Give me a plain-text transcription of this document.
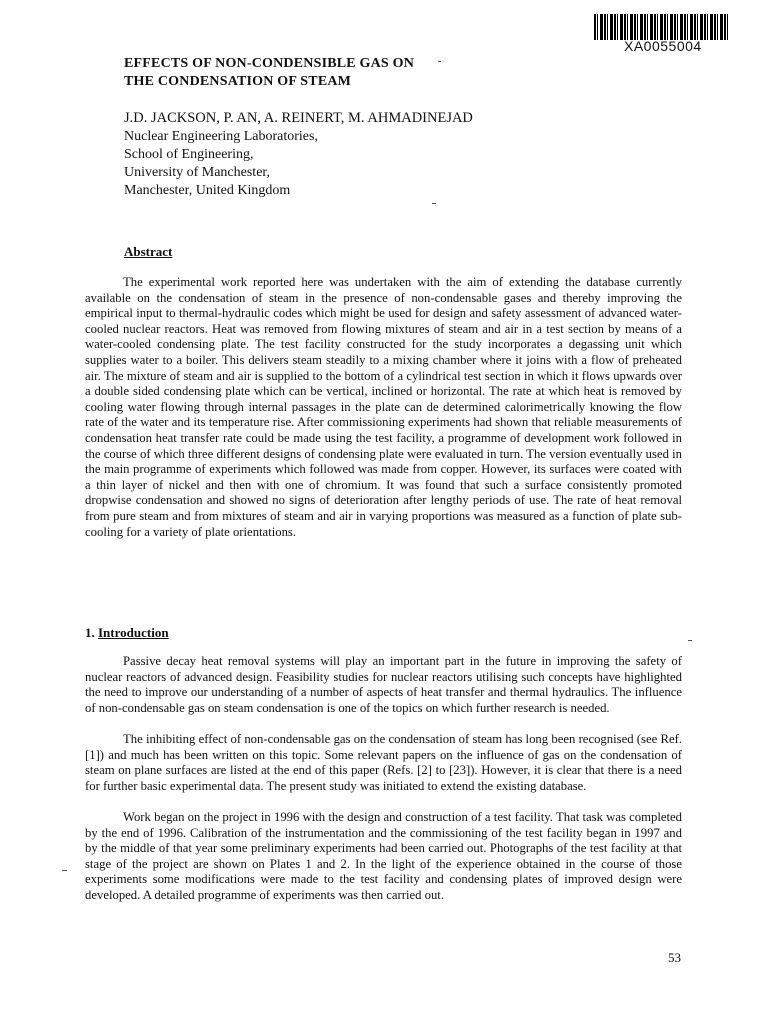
XA0055004
EFFECTS OF NON-CONDENSIBLE GAS ON
THE CONDENSATION OF STEAM
J.D. JACKSON, P. AN, A. REINERT, M. AHMADINEJAD
Nuclear Engineering Laboratories,
School of Engineering,
University of Manchester,
Manchester, United Kingdom
Abstract

The experimental work reported here was undertaken with the aim of extending the database currently available on the condensation of steam in the presence of non-condensable gases and thereby improving the empirical input to thermal-hydraulic codes which might be used for design and safety assessment of advanced water-cooled nuclear reactors. Heat was removed from flowing mixtures of steam and air in a test section by means of a water-cooled condensing plate. The test facility constructed for the study incorporates a degassing unit which supplies water to a boiler. This delivers steam steadily to a mixing chamber where it joins with a flow of preheated air. The mixture of steam and air is supplied to the bottom of a cylindrical test section in which it flows upwards over a double sided condensing plate which can be vertical, inclined or horizontal. The rate at which heat is removed by cooling water flowing through internal passages in the plate can de determined calorimetrically knowing the flow rate of the water and its temperature rise. After commissioning experiments had shown that reliable measurements of condensation heat transfer rate could be made using the test facility, a programme of development work followed in the course of which three different designs of condensing plate were evaluated in turn. The version eventually used in the main programme of experiments which followed was made from copper. However, its surfaces were coated with a thin layer of nickel and then with one of chromium. It was found that such a surface consistently promoted dropwise condensation and showed no signs of deterioration after lengthy periods of use. The rate of heat removal from pure steam and from mixtures of steam and air in varying proportions was measured as a function of plate sub-cooling for a variety of plate orientations.

1. Introduction

Passive decay heat removal systems will play an important part in the future in improving the safety of nuclear reactors of advanced design. Feasibility studies for nuclear reactors utilising such concepts have highlighted the need to improve our understanding of a number of aspects of heat transfer and thermal hydraulics. The influence of non-condensable gas on steam condensation is one of the topics on which further research is needed.

The inhibiting effect of non-condensable gas on the condensation of steam has long been recognised (see Ref. [1]) and much has been written on this topic. Some relevant papers on the influence of gas on the condensation of steam on plane surfaces are listed at the end of this paper (Refs. [2] to [23]). However, it is clear that there is a need for further basic experimental data. The present study was initiated to extend the existing database.

Work began on the project in 1996 with the design and construction of a test facility. That task was completed by the end of 1996. Calibration of the instrumentation and the commissioning of the test facility began in 1997 and by the middle of that year some preliminary experiments had been carried out. Photographs of the test facility at that stage of the project are shown on Plates 1 and 2. In the light of the experience obtained in the course of those experiments some modifications were made to the test facility and condensing plates of improved design were developed. A detailed programme of experiments was then carried out.

53
